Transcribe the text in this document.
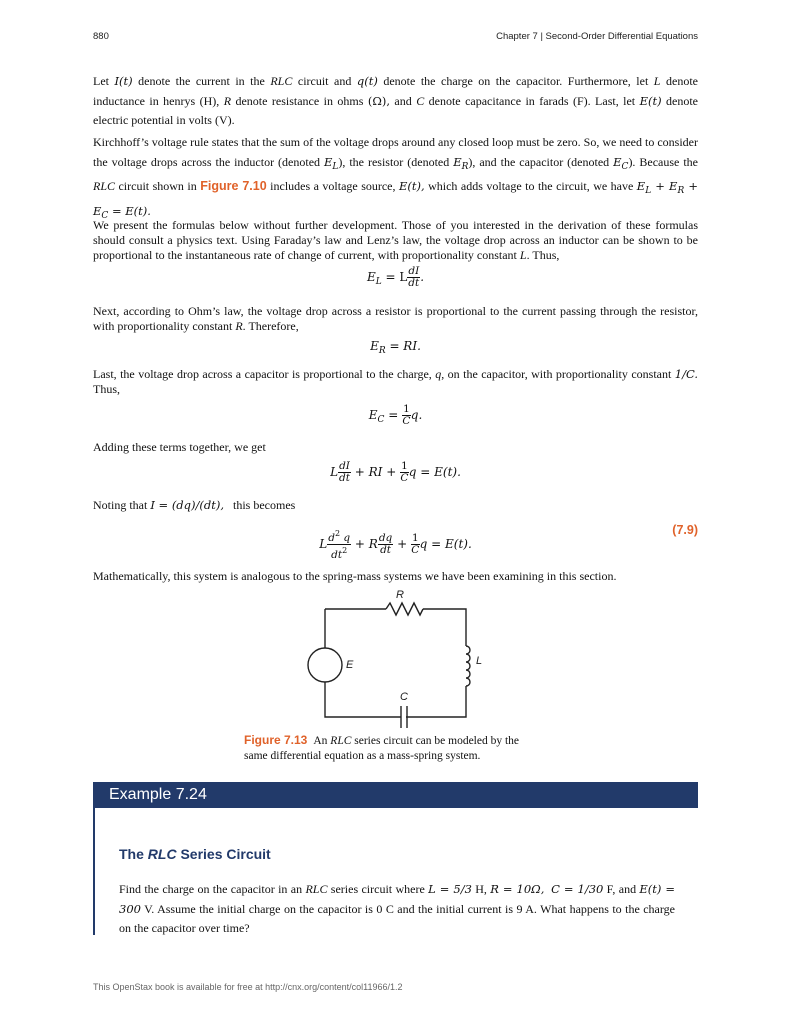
880	Chapter 7 | Second-Order Differential Equations
Let I(t) denote the current in the RLC circuit and q(t) denote the charge on the capacitor. Furthermore, let L denote inductance in henrys (H), R denote resistance in ohms (Ω), and C denote capacitance in farads (F). Last, let E(t) denote electric potential in volts (V).
Kirchhoff’s voltage rule states that the sum of the voltage drops around any closed loop must be zero. So, we need to consider the voltage drops across the inductor (denoted $E_L$), the resistor (denoted $E_R$), and the capacitor (denoted $E_C$). Because the RLC circuit shown in Figure 7.10 includes a voltage source, E(t), which adds voltage to the circuit, we have $E_L + E_R + E_C = E(t)$.
We present the formulas below without further development. Those of you interested in the derivation of these formulas should consult a physics text. Using Faraday’s law and Lenz’s law, the voltage drop across an inductor can be shown to be proportional to the instantaneous rate of change of current, with proportionality constant L. Thus,
$E_L = L \frac{dI}{dt}$ .
Next, according to Ohm’s law, the voltage drop across a resistor is proportional to the current passing through the resistor, with proportionality constant R. Therefore,
$E_R$ = RI.
Last, the voltage drop across a capacitor is proportional to the charge, q, on the capacitor, with proportionality constant 1/C. Thus,
$E_C = \frac{1}{C} q$.
Adding these terms together, we get
L $\frac{dI}{dt}$ + RI + $\frac{1}{C}$ q = E(t).
Noting that I = (dq)/(dt),   this becomes
L $\frac{d^2 q}{dt^2} + R \frac{dq}{dt} + \frac{1}{C}$ q = E(t).
(7.9)
Mathematically, this system is analogous to the spring-mass systems we have been examining in this section.
R
L
C
E
Figure 7.13 An RLC series circuit can be modeled by the same differential equation as a mass-spring system.
Example 7.24
The RLC Series Circuit
Find the charge on the capacitor in an RLC series circuit where L = 5/3 H, R = 10Ω, C = 1/30 F, and E(t) = 300 V. Assume the initial charge on the capacitor is 0 C and the initial current is 9 A. What happens to the charge on the capacitor over time?
This OpenStax book is available for free at http://cnx.org/content/col11966/1.2
